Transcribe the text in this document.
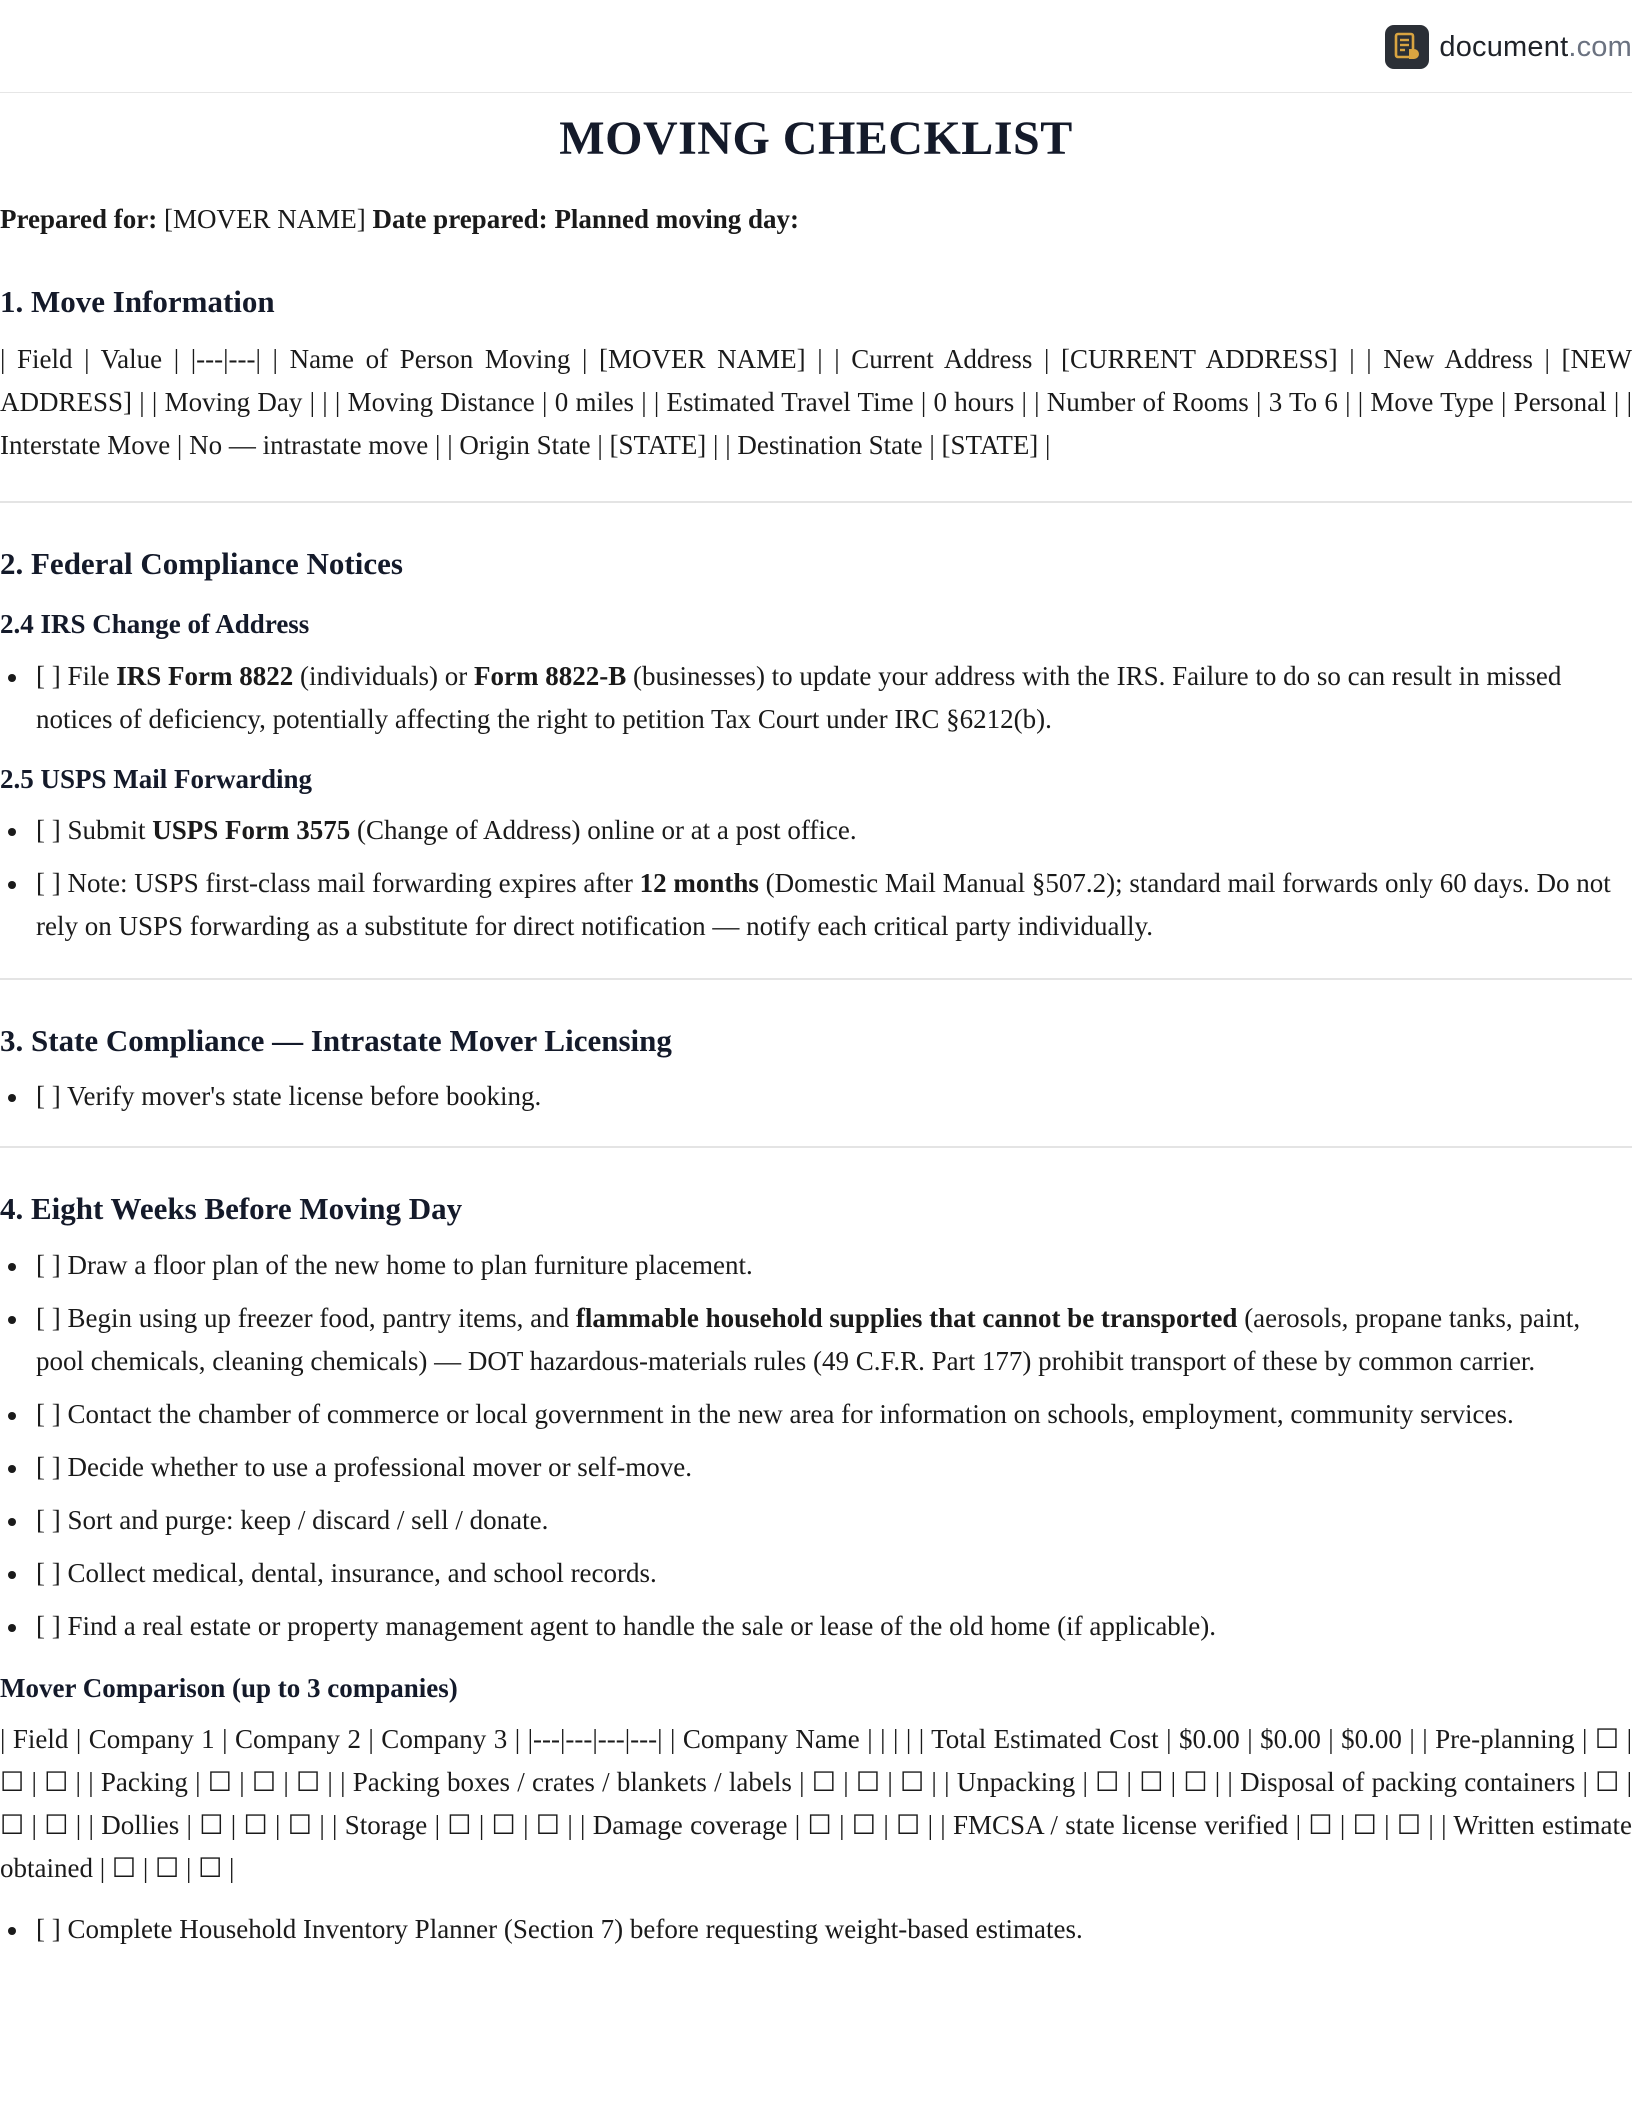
document.com
MOVING CHECKLIST
Prepared for: [MOVER NAME] Date prepared: Planned moving day:
1. Move Information
| Field | Value | |---|---| | Name of Person Moving | [MOVER NAME] | | Current Address | [CURRENT ADDRESS] | | New Address | [NEW ADDRESS] | | Moving Day | | | Moving Distance | 0 miles | | Estimated Travel Time | 0 hours | | Number of Rooms | 3 To 6 | | Move Type | Personal | | Interstate Move | No — intrastate move | | Origin State | [STATE] | | Destination State | [STATE] |
2. Federal Compliance Notices
2.4 IRS Change of Address
[ ] File IRS Form 8822 (individuals) or Form 8822-B (businesses) to update your address with the IRS. Failure to do so can result in missed notices of deficiency, potentially affecting the right to petition Tax Court under IRC §6212(b).
2.5 USPS Mail Forwarding
[ ] Submit USPS Form 3575 (Change of Address) online or at a post office.
[ ] Note: USPS first-class mail forwarding expires after 12 months (Domestic Mail Manual §507.2); standard mail forwards only 60 days. Do not rely on USPS forwarding as a substitute for direct notification — notify each critical party individually.
3. State Compliance — Intrastate Mover Licensing
[ ] Verify mover's state license before booking.
4. Eight Weeks Before Moving Day
[ ] Draw a floor plan of the new home to plan furniture placement.
[ ] Begin using up freezer food, pantry items, and flammable household supplies that cannot be transported (aerosols, propane tanks, paint, pool chemicals, cleaning chemicals) — DOT hazardous-materials rules (49 C.F.R. Part 177) prohibit transport of these by common carrier.
[ ] Contact the chamber of commerce or local government in the new area for information on schools, employment, community services.
[ ] Decide whether to use a professional mover or self-move.
[ ] Sort and purge: keep / discard / sell / donate.
[ ] Collect medical, dental, insurance, and school records.
[ ] Find a real estate or property management agent to handle the sale or lease of the old home (if applicable).
Mover Comparison (up to 3 companies)
| Field | Company 1 | Company 2 | Company 3 | |---|---|---|---| | Company Name | | | | | Total Estimated Cost | $0.00 | $0.00 | $0.00 | | Pre-planning | ☐ | ☐ | ☐ | | Packing | ☐ | ☐ | ☐ | | Packing boxes / crates / blankets / labels | ☐ | ☐ | ☐ | | Unpacking | ☐ | ☐ | ☐ | | Disposal of packing containers | ☐ | ☐ | ☐ | | Dollies | ☐ | ☐ | ☐ | | Storage | ☐ | ☐ | ☐ | | Damage coverage | ☐ | ☐ | ☐ | | FMCSA / state license verified | ☐ | ☐ | ☐ | | Written estimate obtained | ☐ | ☐ | ☐ |
[ ] Complete Household Inventory Planner (Section 7) before requesting weight-based estimates.
